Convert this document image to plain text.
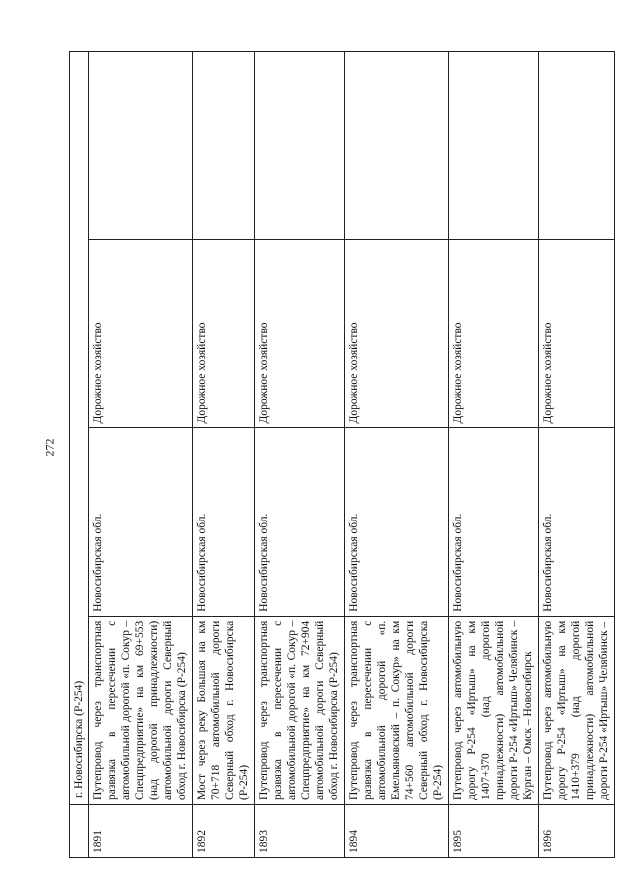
272
	г. Новосибирска (Р-254)			
1891	Путепровод через транспортная развязка в пересечении с автомобильной дорогой «п. Сокур – Спецпредприятие» на км 69+553 (над дорогой принадлежности) автомобильной дороги Северный обход г. Новосибирска (Р-254)	Новосибирская обл.	Дорожное хозяйство	
1892	Мост через реку Большая на км 70+718 автомобильной дороги Северный обход г. Новосибирска (Р-254)	Новосибирская обл.	Дорожное хозяйство	
1893	Путепровод через транспортная развязка в пересечении с автомобильной дорогой «п. Сокур – Спецпредприятие» на км 72+904 автомобильной дороги Северный обход г. Новосибирска (Р-254)	Новосибирская обл.	Дорожное хозяйство	
1894	Путепровод через транспортная развязка в пересечении с автомобильной дорогой «п. Емельяновский – п. Сокур» на км 74+560 автомобильной дороги Северный обход г. Новосибирска (Р-254)	Новосибирская обл.	Дорожное хозяйство	
1895	Путепровод через автомобильную дорогу Р-254 «Иртыш» на км 1407+370 (над дорогой принадлежности) автомобильной дороги Р-254 «Иртыш» Челябинск – Курган – Омск – Новосибирск	Новосибирская обл.	Дорожное хозяйство	
1896	Путепровод через автомобильную дорогу Р-254 «Иртыш» на км 1410+379 (над дорогой принадлежности) автомобильной дороги Р-254 «Иртыш» Челябинск –	Новосибирская обл.	Дорожное хозяйство	
